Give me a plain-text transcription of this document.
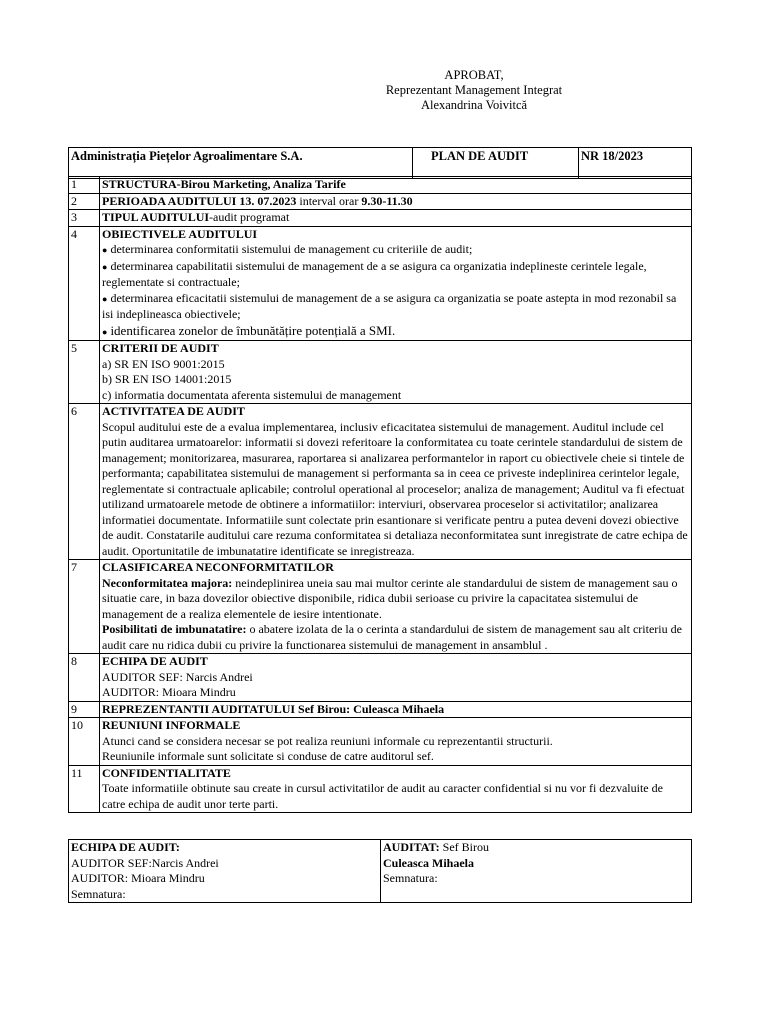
APROBAT,
Reprezentant Management Integrat
Alexandrina Voivitcă
Administrația Piețelor Agroalimentare S.A.	PLAN DE AUDIT	NR 18/2023
1	STRUCTURA-Birou Marketing, Analiza Tarife
2	PERIOADA AUDITULUI 13. 07.2023 interval orar 9.30-11.30
3	TIPUL AUDITULUI-audit programat
4	OBIECTIVELE AUDITULUI
● determinarea conformitatii sistemului de management cu criteriile de audit;
● determinarea capabilitatii sistemului de management de a se asigura ca organizatia indeplineste cerintele legale, reglementate si contractuale;
● determinarea eficacitatii sistemului de management de a se asigura ca organizatia se poate astepta in mod rezonabil sa isi indeplineasca obiectivele;
● identificarea zonelor de îmbunătățire potențială a SMI.

5	CRITERII DE AUDIT
a) SR EN ISO 9001:2015
b) SR EN ISO 14001:2015
c) informatia documentata aferenta sistemului de management

6	ACTIVITATEA DE AUDIT
Scopul auditului este de a evalua implementarea, inclusiv eficacitatea sistemului de management. Auditul include cel putin auditarea urmatoarelor: informatii si dovezi referitoare la conformitatea cu toate cerintele standardului de sistem de management; monitorizarea, masurarea, raportarea si analizarea performantelor in raport cu obiectivele cheie si tintele de performanta; capabilitatea sistemului de management si performanta sa in ceea ce priveste indeplinirea cerintelor legale, reglementate si contractuale aplicabile; controlul operational al proceselor; analiza de management; Auditul va fi efectuat utilizand urmatoarele metode de obtinere a informatiilor: interviuri, observarea proceselor si activitatilor; analizarea informatiei documentate. Informatiile sunt colectate prin esantionare si verificate pentru a putea deveni dovezi obiective de audit. Constatarile auditului care rezuma conformitatea si detaliaza neconformitatea sunt inregistrate de catre echipa de audit. Oportunitatile de imbunatatire identificate se inregistreaza.

7	CLASIFICAREA NECONFORMITATILOR
Neconformitatea majora: neindeplinirea uneia sau mai multor cerinte ale standardului de sistem de management sau o situatie care, in baza dovezilor obiective disponibile, ridica dubii serioase cu privire la capacitatea sistemului de management de a realiza elementele de iesire intentionate.
Posibilitati de imbunatatire: o abatere izolata de la o cerinta a standardului de sistem de management sau alt criteriu de audit care nu ridica dubii cu privire la functionarea sistemului de management in ansamblul .

8	ECHIPA DE AUDIT
AUDITOR SEF: Narcis Andrei
AUDITOR: Mioara Mindru

9	REPREZENTANTII AUDITATULUI Sef Birou: Culeasca Mihaela
10	REUNIUNI INFORMALE
Atunci cand se considera necesar se pot realiza reuniuni informale cu reprezentantii structurii.
Reuniunile informale sunt solicitate si conduse de catre auditorul sef.

11	CONFIDENTIALITATE
Toate informatiile obtinute sau create in cursul activitatilor de audit au caracter confidential si nu vor fi dezvaluite de catre echipa de audit unor terte parti.
ECHIPA DE AUDIT:
AUDITOR SEF:Narcis Andrei
AUDITOR: Mioara Mindru
Semnatura:

AUDITAT: Sef Birou
Culeasca Mihaela
Semnatura:
